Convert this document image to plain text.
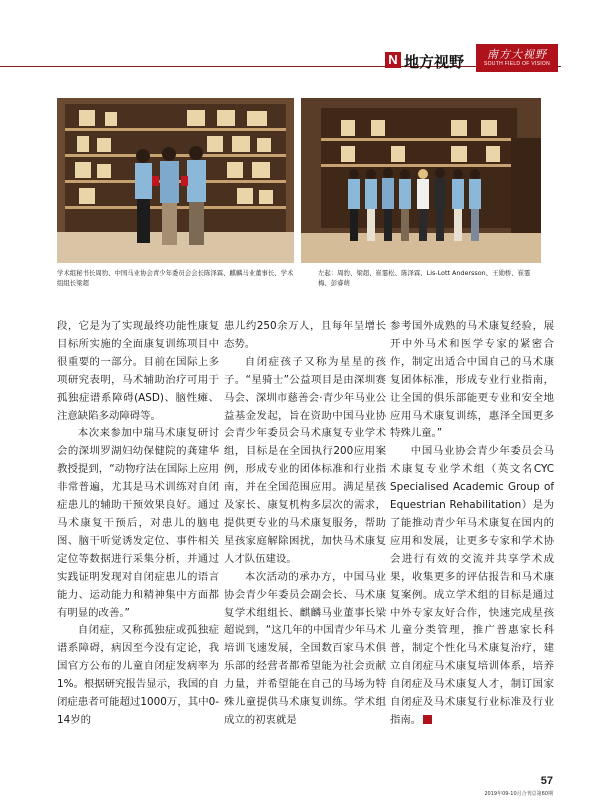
N 地方视野	南方大视野
SOUTH FIELD OF VISION
学术组秘书长周豹、中国马业协会青少年委员会会长陈泽霖、麒麟马业董事长、学术组组长梁超
左起：周豹、梁超、崔霎松、陈泽霖、Lis-Lott Andersson、王勋桥、崔霎梅、彭睿萌

段，它是为了实现最终功能性康复目标所实施的全面康复训练项目中很重要的一部分。目前在国际上多项研究表明，马术辅助治疗可用于孤独症谱系障碍(ASD)、脑性瘫、注意缺陷多动障碍等。

本次来参加中瑞马术康复研讨会的深圳罗湖妇幼保健院的龚建华教授提到，“动物疗法在国际上应用非常普遍，尤其是马术训练对自闭症患儿的辅助干预效果良好。通过马术康复干预后，对患儿的脑电图、脑干听觉诱发定位、事件相关定位等数据进行采集分析，并通过实践证明发现对自闭症患儿的语言能力、运动能力和精神集中方面都有明显的改善。”

自闭症，又称孤独症或孤独症谱系障碍，病因至今没有定论，我国官方公布的儿童自闭症发病率为1%。根据研究报告显示，我国的自闭症患者可能超过1000万，其中0-14岁的

患儿约250余万人，且每年呈增长态势。

自闭症孩子又称为星星的孩子。“星骑士”公益项目是由深圳赛马会、深圳市慈善会·青少年马业公益基金发起，旨在资助中国马业协会青少年委员会马术康复专业学术组，目标是在全国执行200应用案例，形成专业的团体标准和行业指南，并在全国范围应用。满足星孩及家长、康复机构多层次的需求，提供更专业的马术康复服务，帮助星孩家庭解除困扰，加快马术康复人才队伍建设。

本次活动的承办方，中国马业协会青少年委员会副会长、马术康复学术组组长、麒麟马业董事长梁超说到，“这几年的中国青少年马术培训飞速发展，全国数百家马术俱乐部的经营者都希望能为社会贡献力量，并希望能在自己的马场为特殊儿童提供马术康复训练。学术组成立的初衷就是

参考国外成熟的马术康复经验，展开中外马术和医学专家的紧密合作，制定出适合中国自己的马术康复团体标准，形成专业行业指南，让全国的俱乐部能更专业和安全地应用马术康复训练，惠泽全国更多特殊儿童。”

中国马业协会青少年委员会马术康复专业学术组（英文名CYC Specialised Academic Group of Equestrian Rehabilitation）是为了能推动青少年马术康复在国内的应用和发展，让更多专家和学术协会进行有效的交流并共享学术成果，收集更多的评估报告和马术康复案例。成立学术组的目标是通过中外专家友好合作，快速完成星孩儿童分类管理，推广普惠家长科普，制定个性化马术康复治疗，建立自闭症马术康复培训体系，培养自闭症及马术康复人才，制订国家自闭症及马术康复行业标准及行业指南。	N

57
2019年09-10月合刊总第60期
